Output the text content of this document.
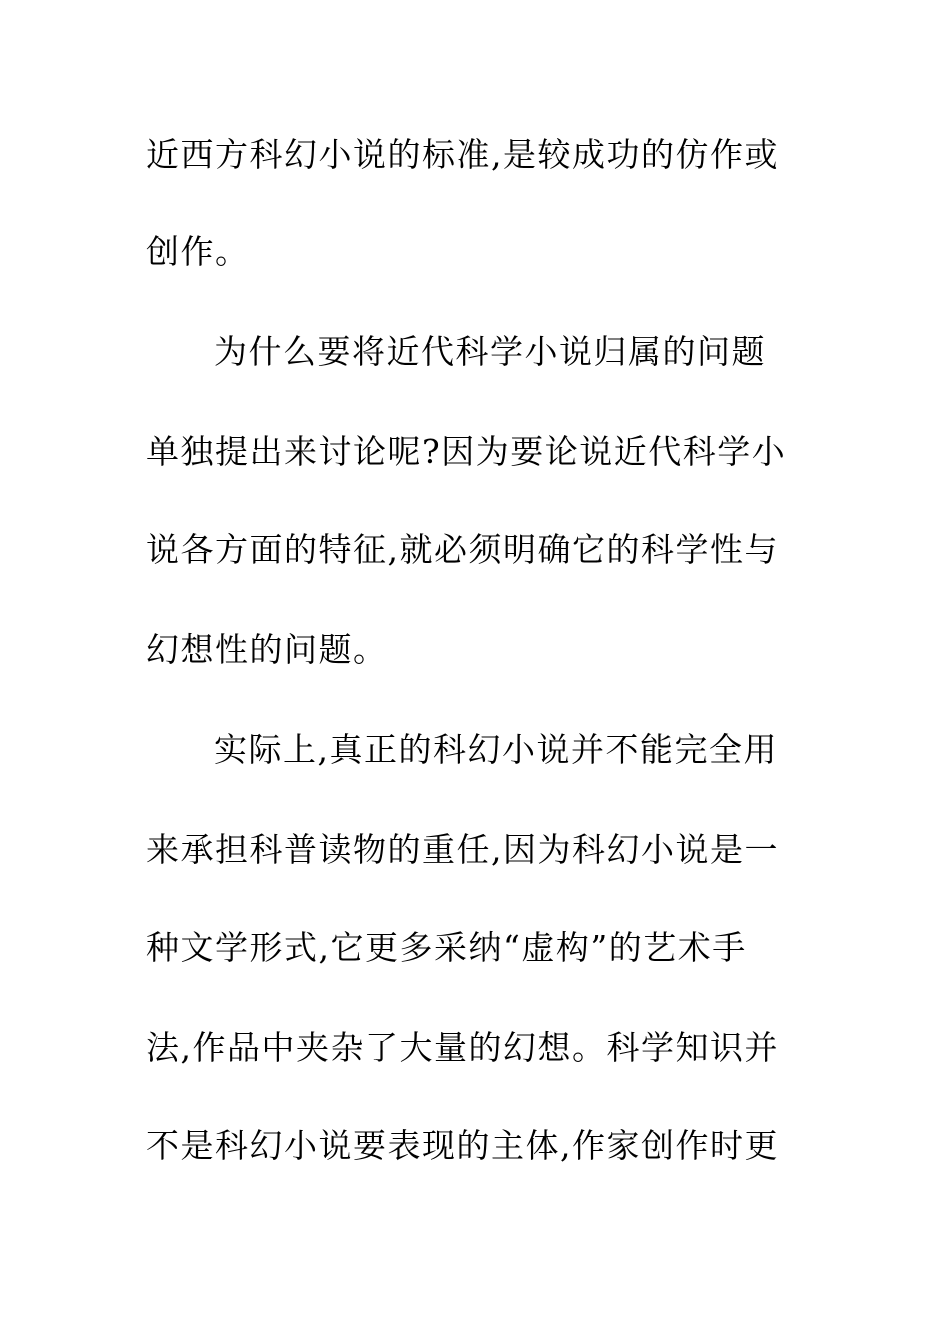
近西方科幻小说的标准,是较成功的仿作或
创作。
为什么要将近代科学小说归属的问题
单独提出来讨论呢?因为要论说近代科学小
说各方面的特征,就必须明确它的科学性与
幻想性的问题。
实际上,真正的科幻小说并不能完全用
来承担科普读物的重任,因为科幻小说是一
种文学形式,它更多采纳“虚构”的艺术手
法,作品中夹杂了大量的幻想。科学知识并
不是科幻小说要表现的主体,作家创作时更
